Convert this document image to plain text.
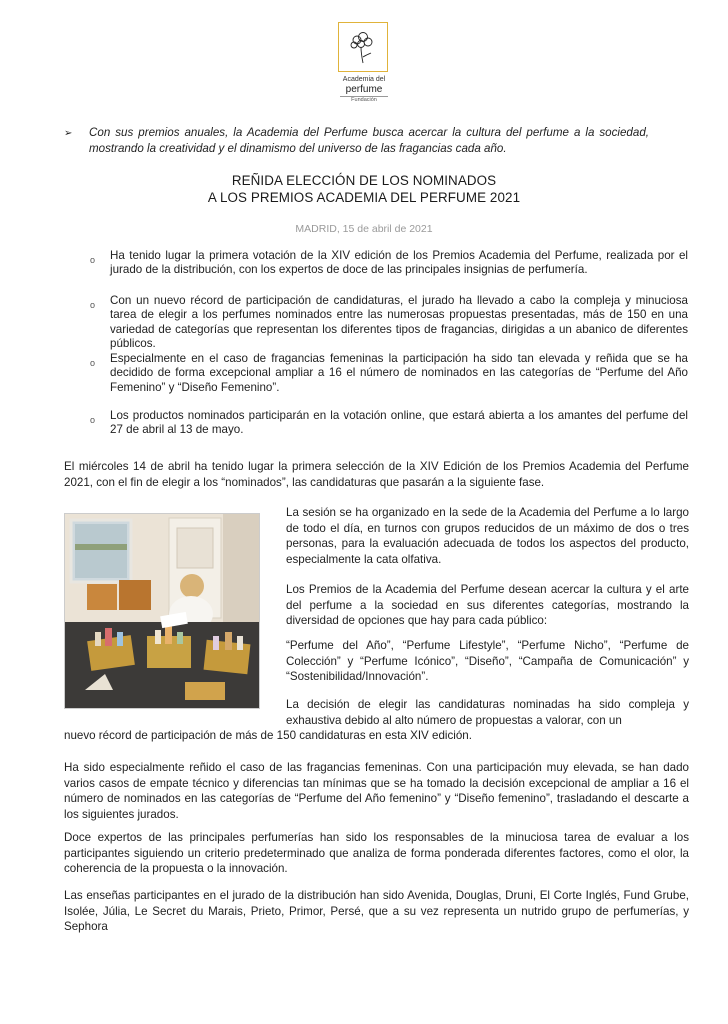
Academia del
perfume
Fundación
➢ Con sus premios anuales, la Academia del Perfume busca acercar la cultura del perfume a la sociedad, mostrando la creatividad y el dinamismo del universo de las fragancias cada año.
REÑIDA ELECCIÓN DE LOS NOMINADOS
A LOS PREMIOS ACADEMIA DEL PERFUME 2021
MADRID, 15 de abril de 2021
o Ha tenido lugar la primera votación de la XIV edición de los Premios Academia del Perfume, realizada por el jurado de la distribución, con los expertos de doce de las principales insignias de perfumería.
o Con un nuevo récord de participación de candidaturas, el jurado ha llevado a cabo la compleja y minuciosa tarea de elegir a los perfumes nominados entre las numerosas propuestas presentadas, más de 150 en una variedad de categorías que representan los diferentes tipos de fragancias, dirigidas a un abanico de diferentes públicos.
o Especialmente en el caso de fragancias femeninas la participación ha sido tan elevada y reñida que se ha decidido de forma excepcional ampliar a 16 el número de nominados en las categorías de “Perfume del Año Femenino” y “Diseño Femenino”.
o Los productos nominados participarán en la votación online, que estará abierta a los amantes del perfume del 27 de abril al 13 de mayo.
El miércoles 14 de abril ha tenido lugar la primera selección de la XIV Edición de los Premios Academia del Perfume 2021, con el fin de elegir a los “nominados”, las candidaturas que pasarán a la siguiente fase.
La sesión se ha organizado en la sede de la Academia del Perfume a lo largo de todo el día, en turnos con grupos reducidos de un máximo de dos o tres personas, para la evaluación adecuada de todos los aspectos del producto, especialmente la cata olfativa.
Los Premios de la Academia del Perfume desean acercar la cultura y el arte del perfume a la sociedad en sus diferentes categorías, mostrando la diversidad de opciones que hay para cada público:
“Perfume del Año”, “Perfume Lifestyle”, “Perfume Nicho”, “Perfume de Colección” y “Perfume Icónico”, “Diseño”, “Campaña de Comunicación” y “Sostenibilidad/Innovación”.
La decisión de elegir las candidaturas nominadas ha sido compleja y exhaustiva debido al alto número de propuestas a valorar, con un
nuevo récord de participación de más de 150 candidaturas en esta XIV edición.
Ha sido especialmente reñido el caso de las fragancias femeninas. Con una participación muy elevada, se han dado varios casos de empate técnico y diferencias tan mínimas que se ha tomado la decisión excepcional de ampliar a 16 el número de nominados en las categorías de “Perfume del Año femenino” y “Diseño femenino”, trasladando el descarte a los siguientes jurados.
Doce expertos de las principales perfumerías han sido los responsables de la minuciosa tarea de evaluar a los participantes siguiendo un criterio predeterminado que analiza de forma ponderada diferentes factores, como el olor, la coherencia de la propuesta o la innovación.
Las enseñas participantes en el jurado de la distribución han sido Avenida, Douglas, Druni, El Corte Inglés, Fund Grube, Isolée, Júlia, Le Secret du Marais, Prieto, Primor, Persé, que a su vez representa un nutrido grupo de perfumerías, y Sephora
